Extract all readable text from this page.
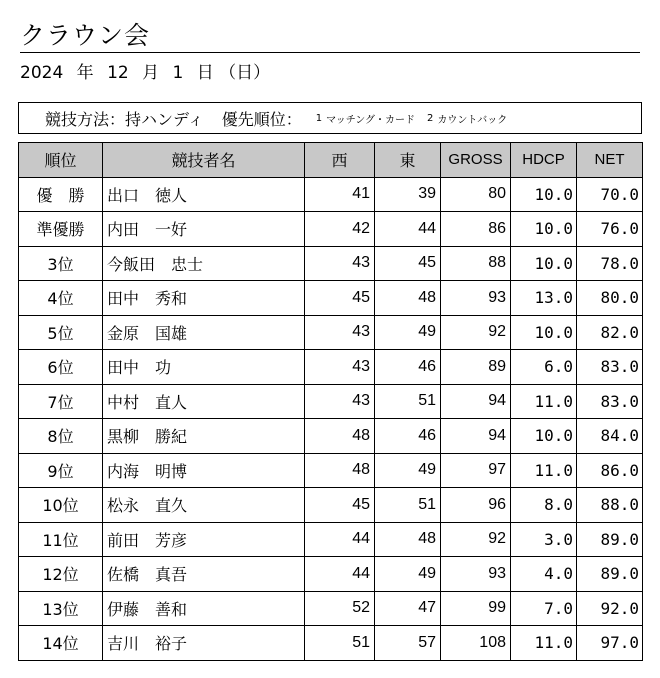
クラウン会
2024 年 12 月 1 日 （日）
競技方法： 持ハンディ 優先順位： 1 マッチング・カード 2 カウントバック
順位	競技者名	西	東	GROSS	HDCP	NET
優　勝	出口　徳人	41	39	80	10.0	70.0
準優勝	内田　一好	42	44	86	10.0	76.0
3位	今飯田　忠士	43	45	88	10.0	78.0
4位	田中　秀和	45	48	93	13.0	80.0
5位	金原　国雄	43	49	92	10.0	82.0
6位	田中　功	43	46	89	6.0	83.0
7位	中村　直人	43	51	94	11.0	83.0
8位	黒柳　勝紀	48	46	94	10.0	84.0
9位	内海　明博	48	49	97	11.0	86.0
10位	松永　直久	45	51	96	8.0	88.0
11位	前田　芳彦	44	48	92	3.0	89.0
12位	佐橋　真吾	44	49	93	4.0	89.0
13位	伊藤　善和	52	47	99	7.0	92.0
14位	吉川　裕子	51	57	108	11.0	97.0
